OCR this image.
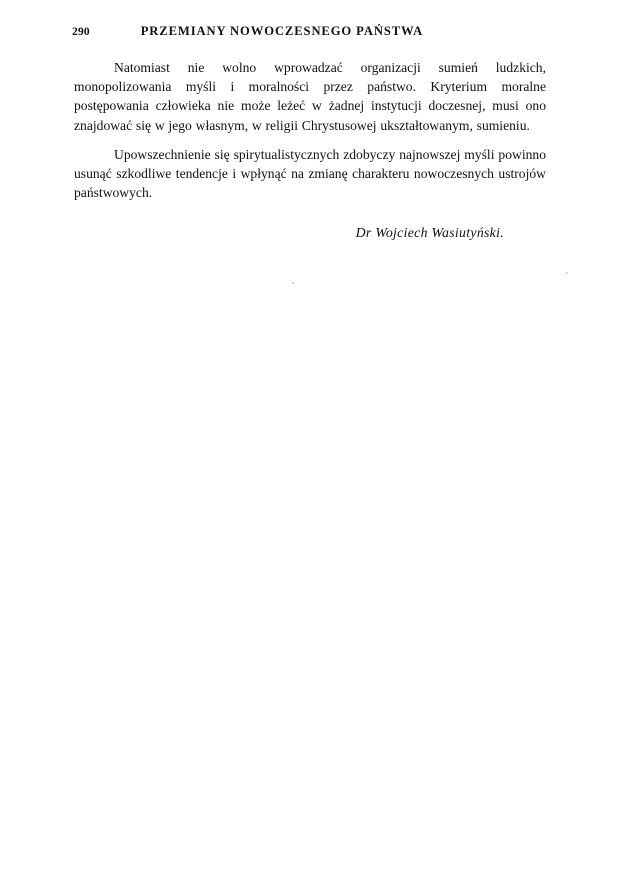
290	PRZEMIANY NOWOCZESNEGO PAŃSTWA

Natomiast nie wolno wprowadzać organizacji sumień ludzkich, monopolizowania myśli i moralności przez państwo. Kryterium moralne postępowania człowieka nie może leżeć w żadnej instytucji doczesnej, musi ono znajdować się w jego własnym, w religii Chrystusowej ukształtowanym, sumieniu.

Upowszechnienie się spirytualistycznych zdobyczy najnowszej myśli powinno usunąć szkodliwe tendencje i wpłynąć na zmianę charakteru nowoczesnych ustrojów państwowych.

Dr Wojciech Wasiutyński.
